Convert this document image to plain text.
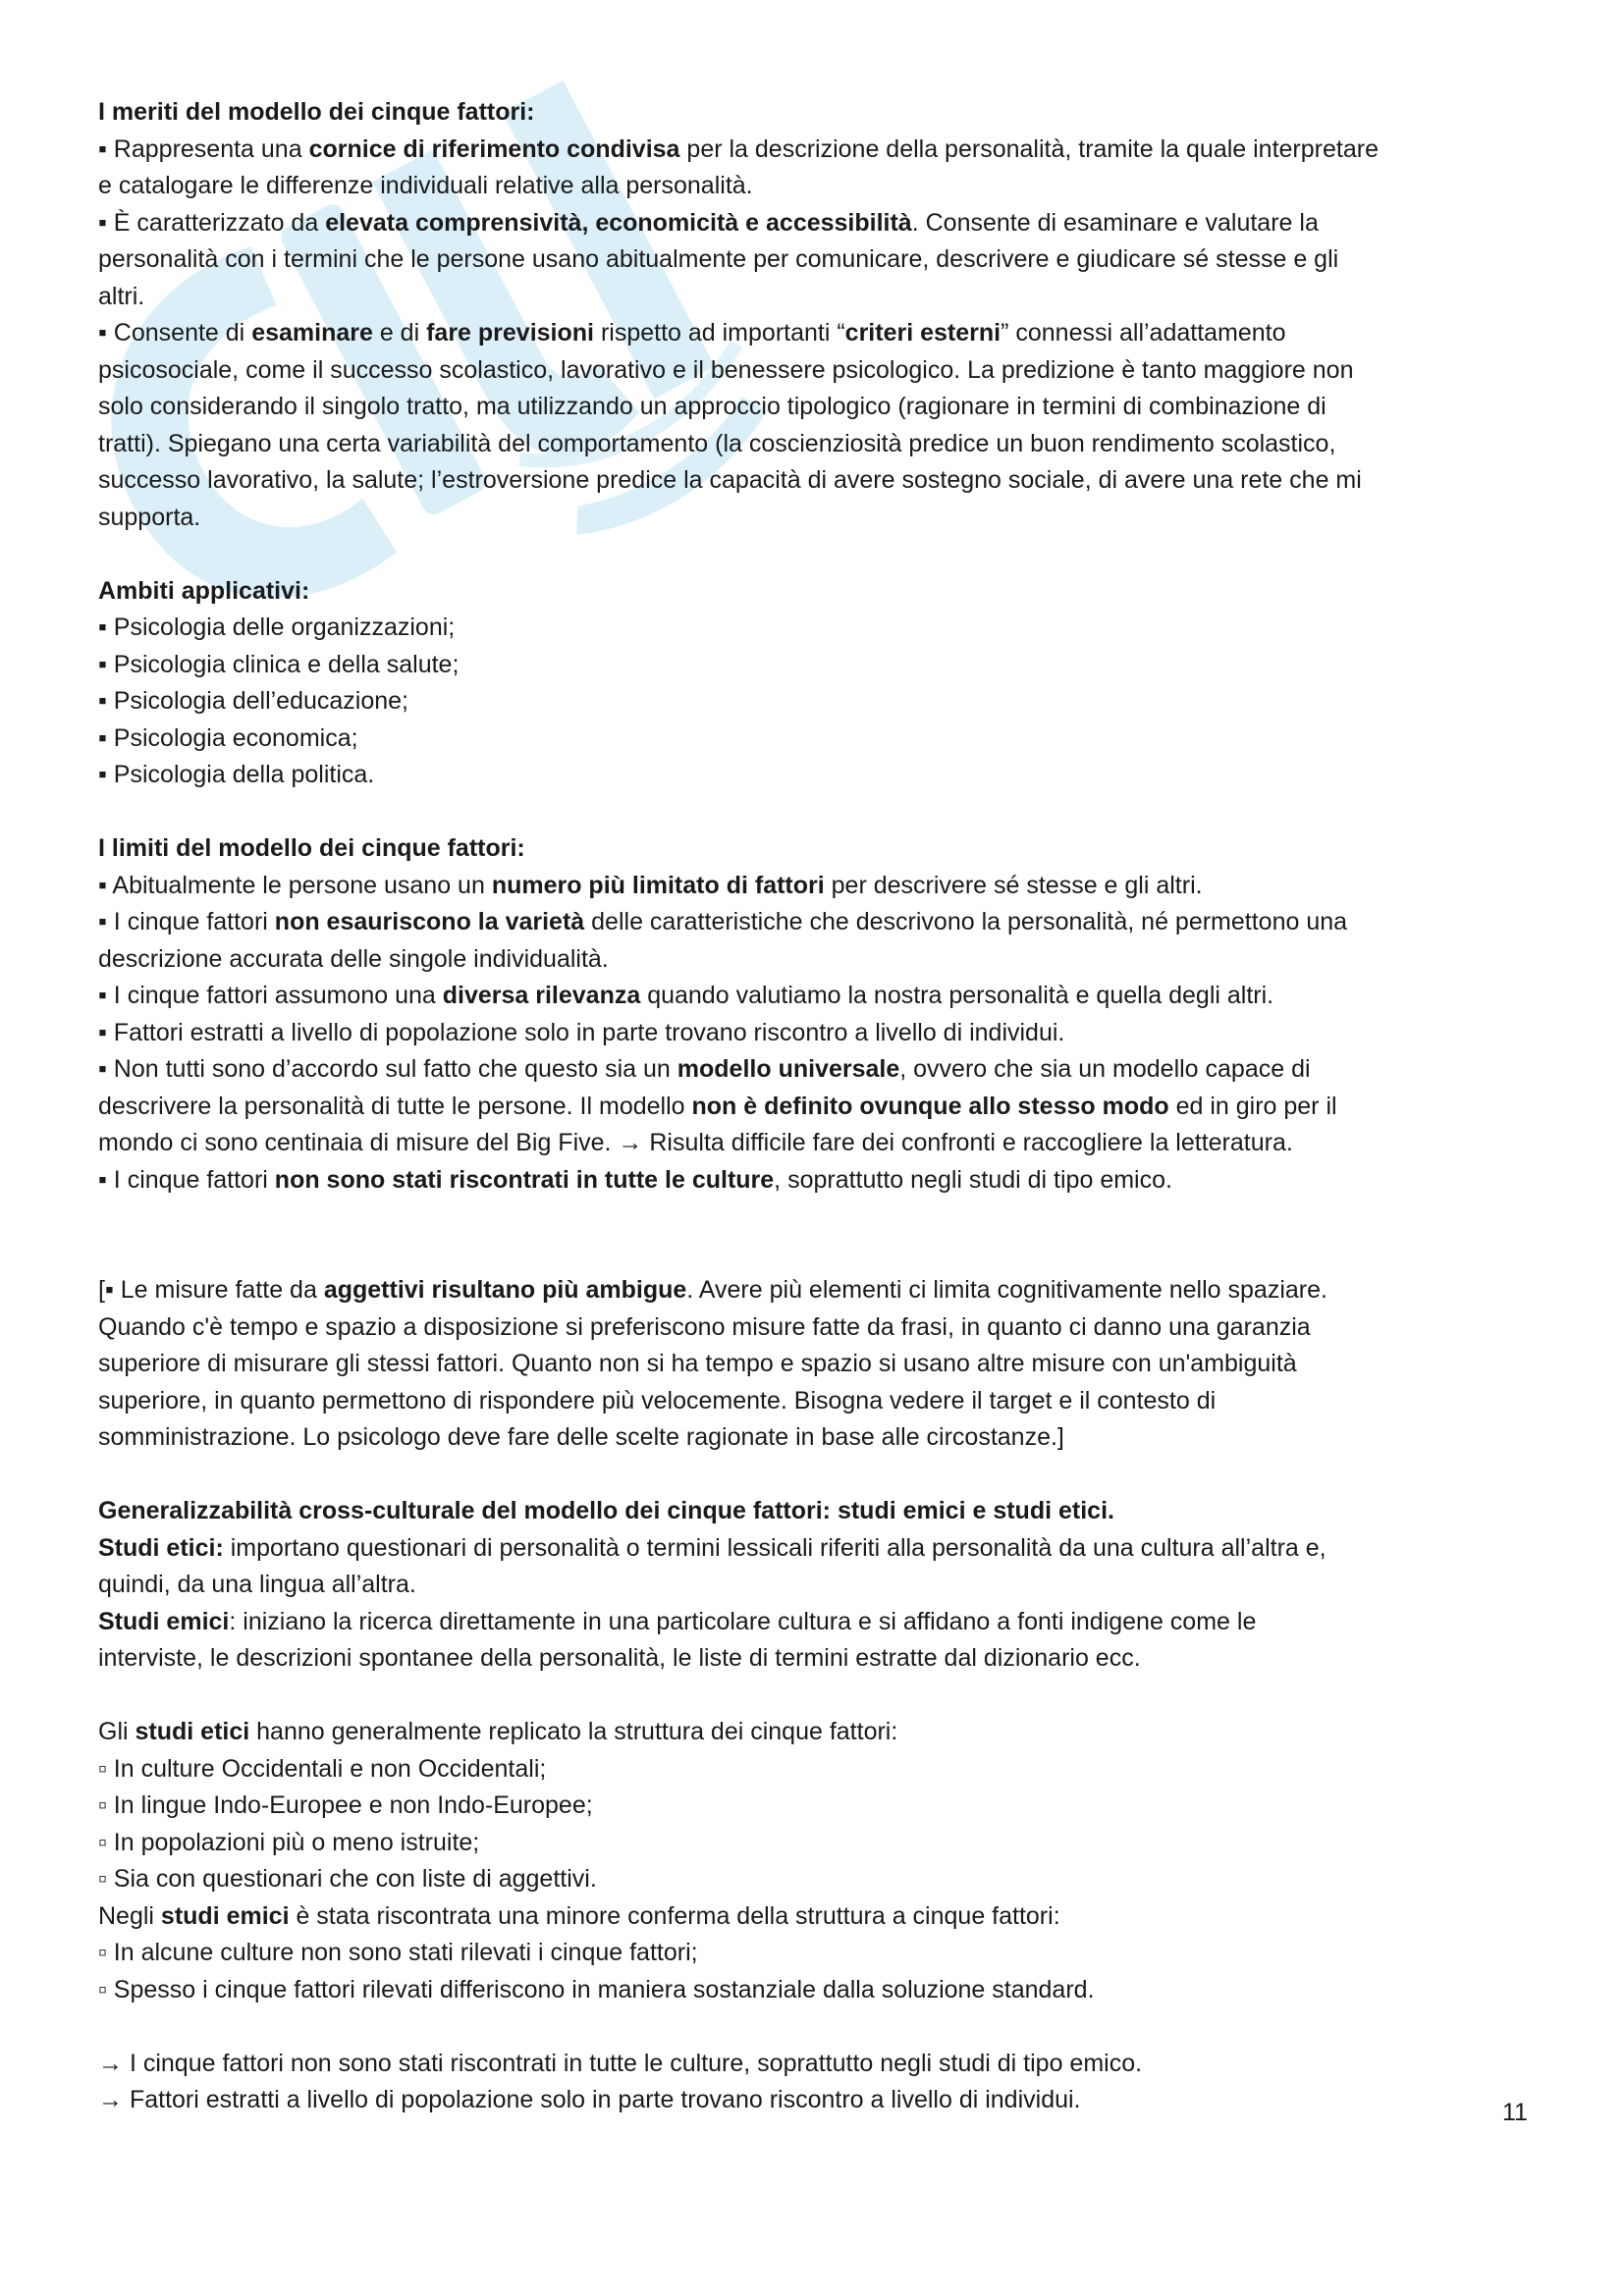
I meriti del modello dei cinque fattori:
▪ Rappresenta una cornice di riferimento condivisa per la descrizione della personalità, tramite la quale interpretare
e catalogare le differenze individuali relative alla personalità.
▪ È caratterizzato da elevata comprensività, economicità e accessibilità. Consente di esaminare e valutare la
personalità con i termini che le persone usano abitualmente per comunicare, descrivere e giudicare sé stesse e gli
altri.
▪ Consente di esaminare e di fare previsioni rispetto ad importanti “criteri esterni” connessi all’adattamento
psicosociale, come il successo scolastico, lavorativo e il benessere psicologico. La predizione è tanto maggiore non
solo considerando il singolo tratto, ma utilizzando un approccio tipologico (ragionare in termini di combinazione di
tratti). Spiegano una certa variabilità del comportamento (la coscienziosità predice un buon rendimento scolastico,
successo lavorativo, la salute; l’estroversione predice la capacità di avere sostegno sociale, di avere una rete che mi
supporta.
Ambiti applicativi:
▪ Psicologia delle organizzazioni;
▪ Psicologia clinica e della salute;
▪ Psicologia dell’educazione;
▪ Psicologia economica;
▪ Psicologia della politica.
I limiti del modello dei cinque fattori:
▪ Abitualmente le persone usano un numero più limitato di fattori per descrivere sé stesse e gli altri.
▪ I cinque fattori non esauriscono la varietà delle caratteristiche che descrivono la personalità, né permettono una
descrizione accurata delle singole individualità.
▪ I cinque fattori assumono una diversa rilevanza quando valutiamo la nostra personalità e quella degli altri.
▪ Fattori estratti a livello di popolazione solo in parte trovano riscontro a livello di individui.
▪ Non tutti sono d’accordo sul fatto che questo sia un modello universale, ovvero che sia un modello capace di
descrivere la personalità di tutte le persone. Il modello non è definito ovunque allo stesso modo ed in giro per il
mondo ci sono centinaia di misure del Big Five. → Risulta difficile fare dei confronti e raccogliere la letteratura.
▪ I cinque fattori non sono stati riscontrati in tutte le culture, soprattutto negli studi di tipo emico.
[▪ Le misure fatte da aggettivi risultano più ambigue. Avere più elementi ci limita cognitivamente nello spaziare.
Quando c'è tempo e spazio a disposizione si preferiscono misure fatte da frasi, in quanto ci danno una garanzia
superiore di misurare gli stessi fattori. Quanto non si ha tempo e spazio si usano altre misure con un'ambiguità
superiore, in quanto permettono di rispondere più velocemente. Bisogna vedere il target e il contesto di
somministrazione. Lo psicologo deve fare delle scelte ragionate in base alle circostanze.]
Generalizzabilità cross-culturale del modello dei cinque fattori: studi emici e studi etici.
Studi etici: importano questionari di personalità o termini lessicali riferiti alla personalità da una cultura all’altra e,
quindi, da una lingua all’altra.
Studi emici: iniziano la ricerca direttamente in una particolare cultura e si affidano a fonti indigene come le
interviste, le descrizioni spontanee della personalità, le liste di termini estratte dal dizionario ecc.
Gli studi etici hanno generalmente replicato la struttura dei cinque fattori:
▫ In culture Occidentali e non Occidentali;
▫ In lingue Indo-Europee e non Indo-Europee;
▫ In popolazioni più o meno istruite;
▫ Sia con questionari che con liste di aggettivi.
Negli studi emici è stata riscontrata una minore conferma della struttura a cinque fattori:
▫ In alcune culture non sono stati rilevati i cinque fattori;
▫ Spesso i cinque fattori rilevati differiscono in maniera sostanziale dalla soluzione standard.
→ I cinque fattori non sono stati riscontrati in tutte le culture, soprattutto negli studi di tipo emico.
→ Fattori estratti a livello di popolazione solo in parte trovano riscontro a livello di individui.	11
